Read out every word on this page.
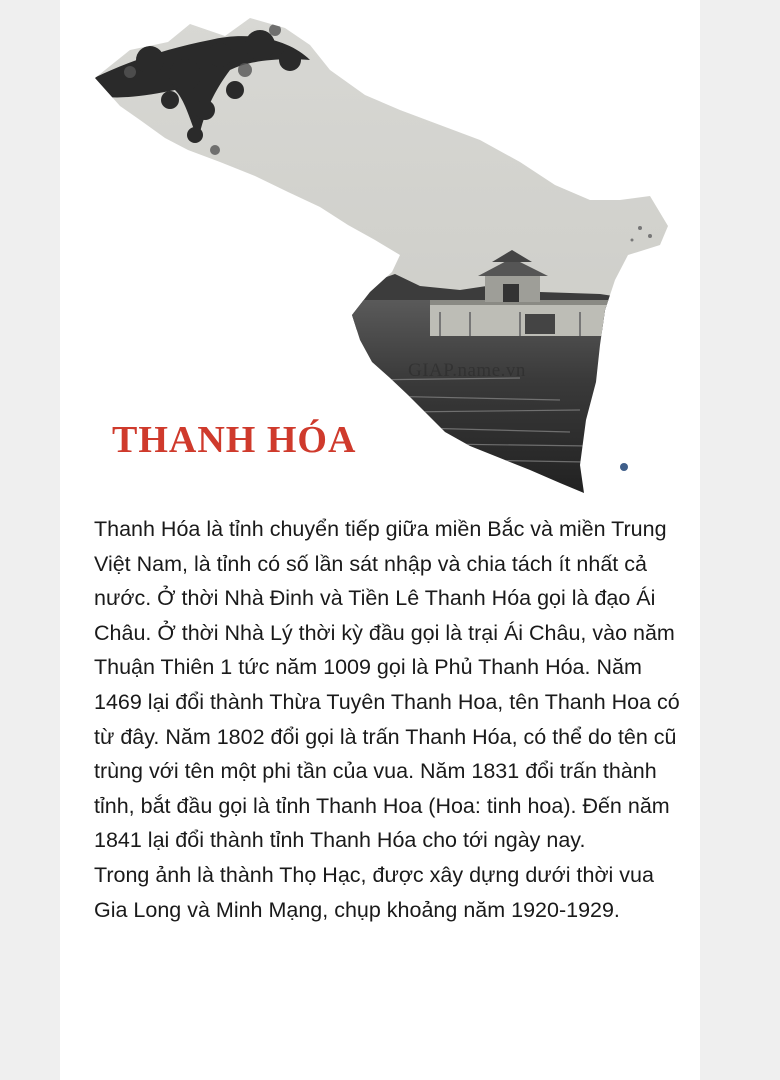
THANH HÓA
GIAP.name.vn

Thanh Hóa là tỉnh chuyển tiếp giữa miền Bắc và miền Trung Việt Nam, là tỉnh có số lần sát nhập và chia tách ít nhất cả nước. Ở thời Nhà Đinh và Tiền Lê Thanh Hóa gọi là đạo Ái Châu. Ở thời Nhà Lý thời kỳ đầu gọi là trại Ái Châu, vào năm Thuận Thiên 1 tức năm 1009 gọi là Phủ Thanh Hóa. Năm 1469 lại đổi thành Thừa Tuyên Thanh Hoa, tên Thanh Hoa có từ đây. Năm 1802 đổi gọi là trấn Thanh Hóa, có thể do tên cũ trùng với tên một phi tần của vua. Năm 1831 đổi trấn thành tỉnh, bắt đầu gọi là tỉnh Thanh Hoa (Hoa: tinh hoa). Đến năm 1841 lại đổi thành tỉnh Thanh Hóa cho tới ngày nay.

Trong ảnh là thành Thọ Hạc, được xây dựng dưới thời vua Gia Long và Minh Mạng, chụp khoảng năm 1920-1929.
